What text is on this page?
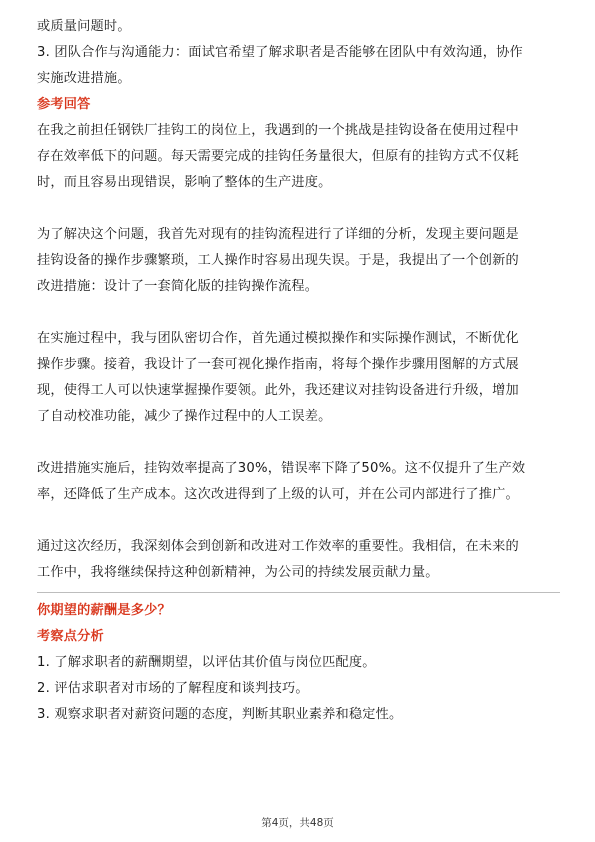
或质量问题时。

3. 团队合作与沟通能力：面试官希望了解求职者是否能够在团队中有效沟通，协作

实施改进措施。

参考回答

在我之前担任钢铁厂挂钩工的岗位上，我遇到的一个挑战是挂钩设备在使用过程中

存在效率低下的问题。每天需要完成的挂钩任务量很大，但原有的挂钩方式不仅耗

时，而且容易出现错误，影响了整体的生产进度。

为了解决这个问题，我首先对现有的挂钩流程进行了详细的分析，发现主要问题是

挂钩设备的操作步骤繁琐，工人操作时容易出现失误。于是，我提出了一个创新的

改进措施：设计了一套简化版的挂钩操作流程。

在实施过程中，我与团队密切合作，首先通过模拟操作和实际操作测试，不断优化

操作步骤。接着，我设计了一套可视化操作指南，将每个操作步骤用图解的方式展

现，使得工人可以快速掌握操作要领。此外，我还建议对挂钩设备进行升级，增加

了自动校准功能，减少了操作过程中的人工误差。

改进措施实施后，挂钩效率提高了30%，错误率下降了50%。这不仅提升了生产效

率，还降低了生产成本。这次改进得到了上级的认可，并在公司内部进行了推广。

通过这次经历，我深刻体会到创新和改进对工作效率的重要性。我相信，在未来的

工作中，我将继续保持这种创新精神，为公司的持续发展贡献力量。

你期望的薪酬是多少？

考察点分析

1. 了解求职者的薪酬期望，以评估其价值与岗位匹配度。

2. 评估求职者对市场的了解程度和谈判技巧。

3. 观察求职者对薪资问题的态度，判断其职业素养和稳定性。

第4页，共48页
